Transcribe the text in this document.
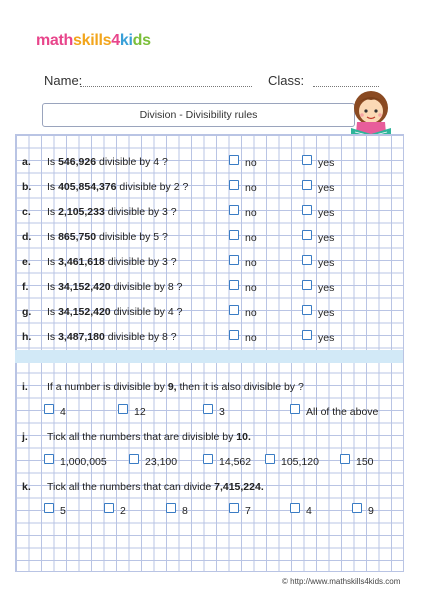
mathskills4kids
Name:	Class:
Division - Divisibility rules
a. Is 546,926 divisible by 4 ?	no	yes
b. Is 405,854,376 divisible by 2 ?	no	yes
c. Is 2,105,233 divisible by 3 ?	no	yes
d. Is 865,750 divisible by 5 ?	no	yes
e. Is 3,461,618 divisible by 3 ?	no	yes
f. Is 34,152,420 divisible by 8 ?	no	yes
g. Is 34,152,420 divisible by 4 ?	no	yes
h. Is 3,487,180 divisible by 8 ?	no	yes
i. If a number is divisible by 9, then it is also divisible by ?
4	12	3	All of the above
j. Tick all the numbers that are divisible by 10.
1,000,005	23,100	14,562	105,120	150
k. Tick all the numbers that can divide 7,415,224.
5	2	8	7	4	9
© http://www.mathskills4kids.com
